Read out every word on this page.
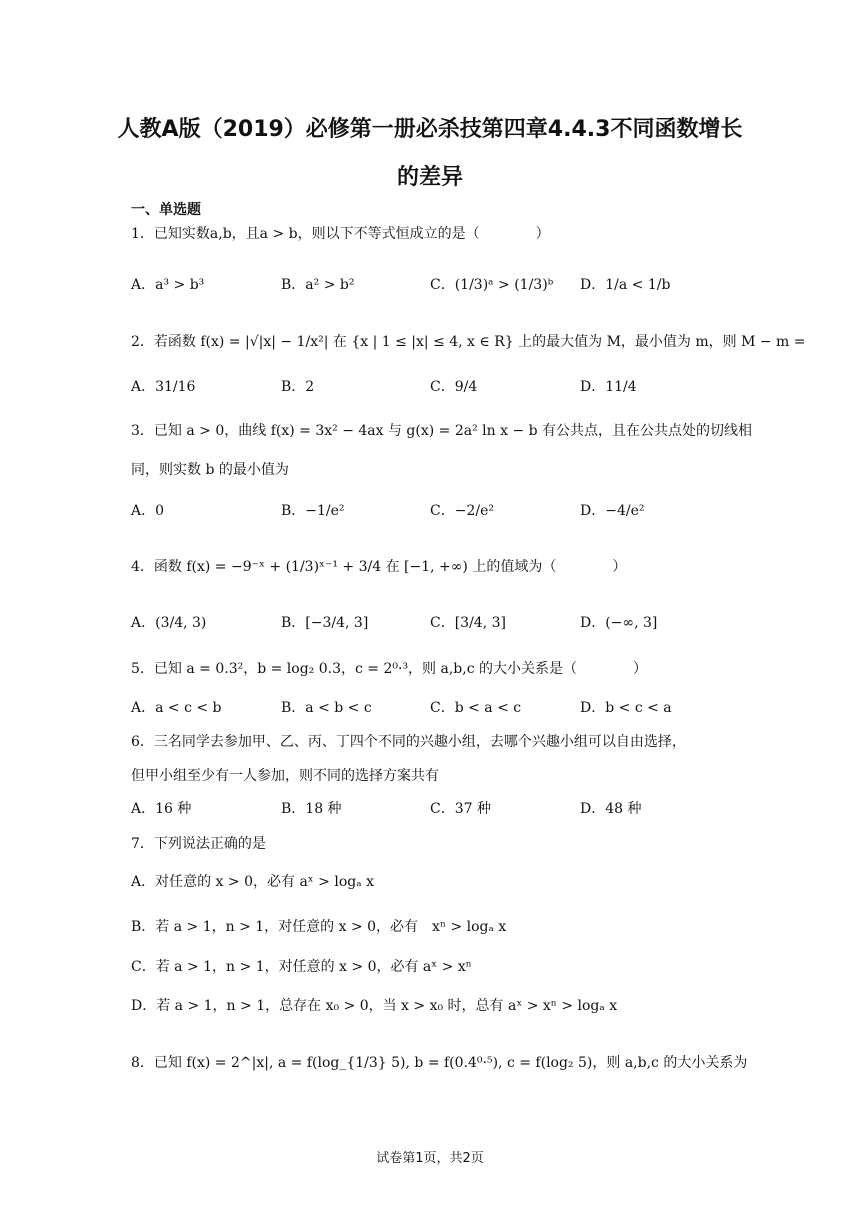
人教A版（2019）必修第一册必杀技第四章4.4.3不同函数增长
的差异
一、单选题
1．已知实数a,b，且a > b，则以下不等式恒成立的是（　　　　）
A．a³ > b³	B．a² > b²	C．(1/3)ᵃ > (1/3)ᵇ D．1/a < 1/b
2．若函数 f(x) = |√|x| − 1/x²| 在 {x | 1 ≤ |x| ≤ 4, x ∈ R} 上的最大值为 M，最小值为 m，则 M − m =
A．31/16	B．2	C．9/4	D．11/4
3．已知 a > 0，曲线 f(x) = 3x² − 4ax 与 g(x) = 2a² ln x − b 有公共点，且在公共点处的切线相
同，则实数 b 的最小值为
A．0	B．−1/e²	C．−2/e²	D．−4/e²
4．函数 f(x) = −9⁻ˣ + (1/3)ˣ⁻¹ + 3/4 在 [−1, +∞) 上的值域为（　　　　）
A．(3/4, 3)	B．[−3/4, 3]	C．[3/4, 3]	D．(−∞, 3]
5．已知 a = 0.3²，b = log₂ 0.3，c = 2⁰·³，则 a,b,c 的大小关系是（　　　　）
A．a < c < b	B．a < b < c	C．b < a < c	D．b < c < a
6．三名同学去参加甲、乙、丙、丁四个不同的兴趣小组，去哪个兴趣小组可以自由选择，
但甲小组至少有一人参加，则不同的选择方案共有
A．16 种	B．18 种	C．37 种	D．48 种
7．下列说法正确的是
A．对任意的 x > 0，必有 aˣ > logₐ x
B．若 a > 1，n > 1，对任意的 x > 0，必有　xⁿ > logₐ x
C．若 a > 1，n > 1，对任意的 x > 0，必有 aˣ > xⁿ
D．若 a > 1，n > 1，总存在 x₀ > 0，当 x > x₀ 时，总有 aˣ > xⁿ > logₐ x
8．已知 f(x) = 2^|x|, a = f(log_{1/3} 5), b = f(0.4⁰·⁵), c = f(log₂ 5)，则 a,b,c 的大小关系为
试卷第1页，共2页
